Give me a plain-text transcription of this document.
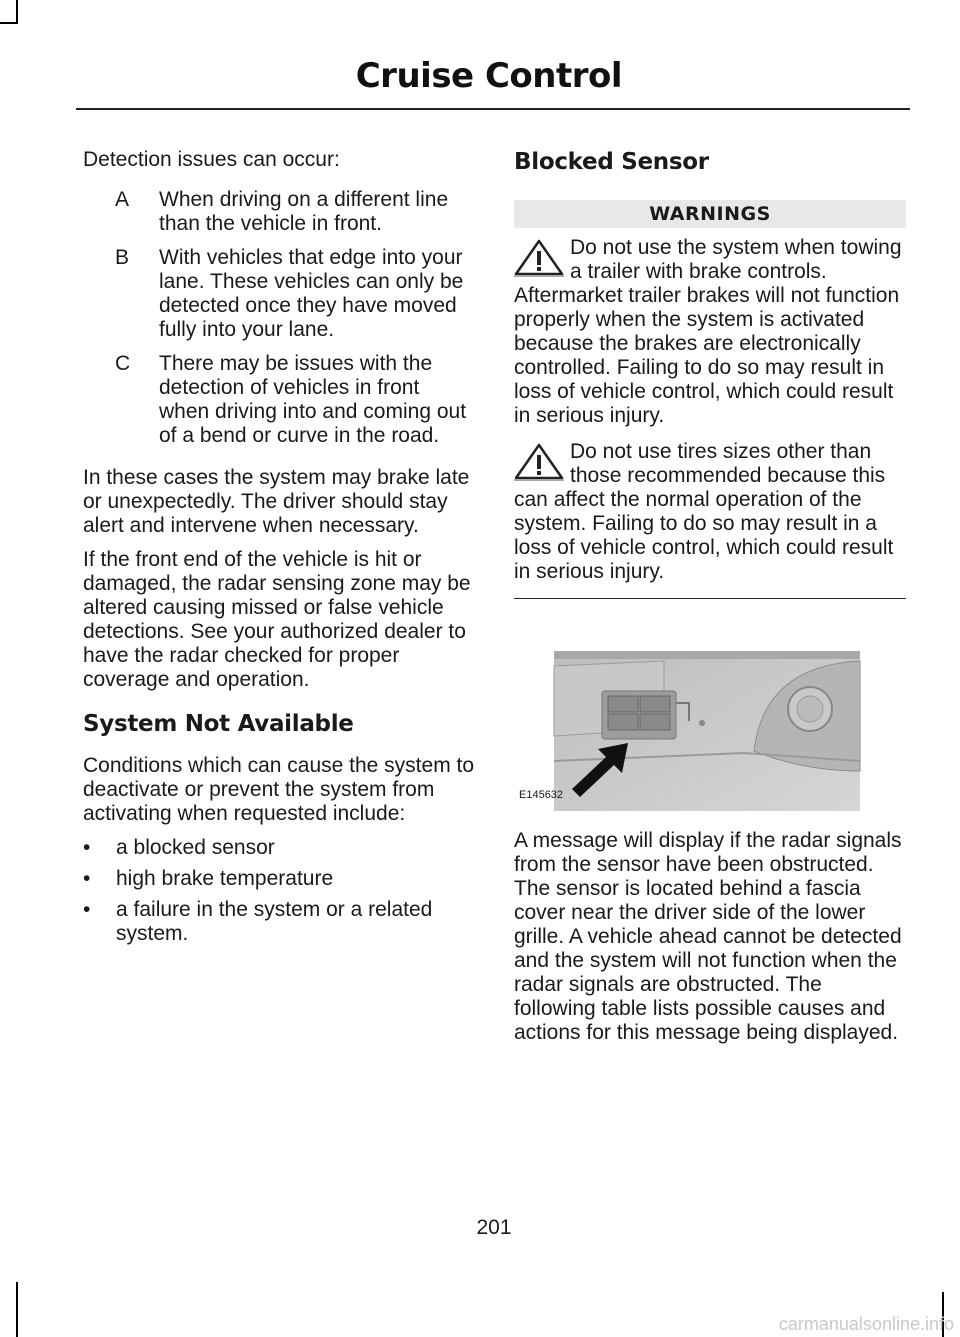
Cruise Control

Detection issues can occur:

A	When driving on a different line than the vehicle in front.
B	With vehicles that edge into your lane. These vehicles can only be detected once they have moved fully into your lane.
C	There may be issues with the detection of vehicles in front when driving into and coming out of a bend or curve in the road.

In these cases the system may brake late or unexpectedly. The driver should stay alert and intervene when necessary.

If the front end of the vehicle is hit or damaged, the radar sensing zone may be altered causing missed or false vehicle detections. See your authorized dealer to have the radar checked for proper coverage and operation.

System Not Available

Conditions which can cause the system to deactivate or prevent the system from activating when requested include:

•	a blocked sensor
•	high brake temperature
•	a failure in the system or a related system.
Blocked Sensor
WARNINGS
Do not use the system when towing a trailer with brake controls. Aftermarket trailer brakes will not function properly when the system is activated because the brakes are electronically controlled. Failing to do so may result in loss of vehicle control, which could result in serious injury.
Do not use tires sizes other than those recommended because this can affect the normal operation of the system. Failing to do so may result in a loss of vehicle control, which could result in serious injury.
E145632

A message will display if the radar signals from the sensor have been obstructed. The sensor is located behind a fascia cover near the driver side of the lower grille. A vehicle ahead cannot be detected and the system will not function when the radar signals are obstructed. The following table lists possible causes and actions for this message being displayed.

201
carmanualsonline.info
